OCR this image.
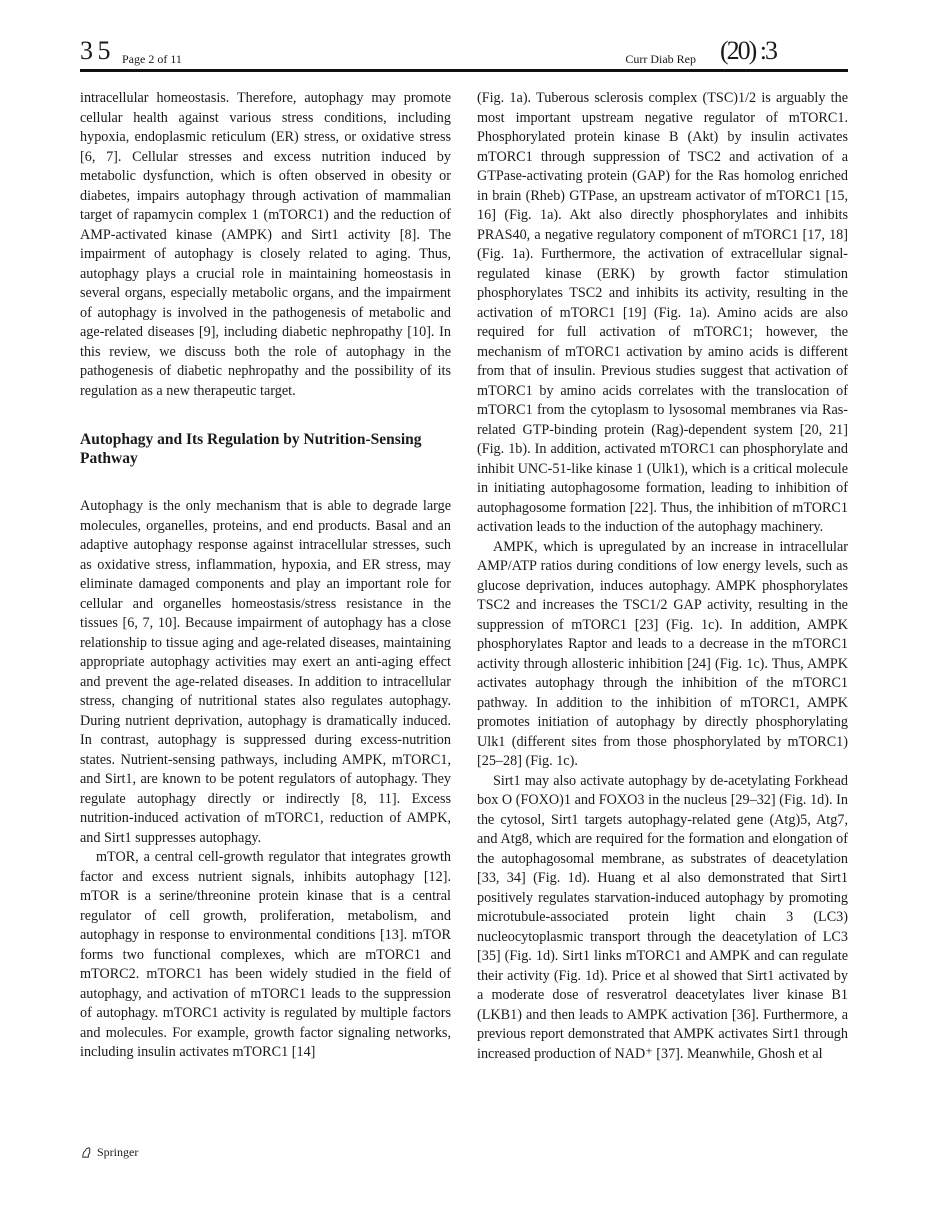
3 5 Page 2 of 11	Curr Diab Rep (20) :3

intracellular homeostasis. Therefore, autophagy may promote cellular health against various stress conditions, including hypoxia, endoplasmic reticulum (ER) stress, or oxidative stress [6, 7]. Cellular stresses and excess nutrition induced by metabolic dysfunction, which is often observed in obesity or diabetes, impairs autophagy through activation of mammalian target of rapamycin complex 1 (mTORC1) and the reduction of AMP-activated kinase (AMPK) and Sirt1 activity [8]. The impairment of autophagy is closely related to aging. Thus, autophagy plays a crucial role in maintaining homeostasis in several organs, especially metabolic organs, and the impairment of autophagy is involved in the pathogenesis of metabolic and age-related diseases [9], including diabetic nephropathy [10]. In this review, we discuss both the role of autophagy in the pathogenesis of diabetic nephropathy and the possibility of its regulation as a new therapeutic target.

Autophagy and Its Regulation by Nutrition-Sensing Pathway

Autophagy is the only mechanism that is able to degrade large molecules, organelles, proteins, and end products. Basal and an adaptive autophagy response against intracellular stresses, such as oxidative stress, inflammation, hypoxia, and ER stress, may eliminate damaged components and play an important role for cellular and organelles homeostasis/stress resistance in the tissues [6, 7, 10]. Because impairment of autophagy has a close relationship to tissue aging and age-related diseases, maintaining appropriate autophagy activities may exert an anti-aging effect and prevent the age-related diseases. In addition to intracellular stress, changing of nutritional states also regulates autophagy. During nutrient deprivation, autophagy is dramatically induced. In contrast, autophagy is suppressed during excess-nutrition states. Nutrient-sensing pathways, including AMPK, mTORC1, and Sirt1, are known to be potent regulators of autophagy. They regulate autophagy directly or indirectly [8, 11]. Excess nutrition-induced activation of mTORC1, reduction of AMPK, and Sirt1 suppresses autophagy.

mTOR, a central cell-growth regulator that integrates growth factor and excess nutrient signals, inhibits autophagy [12]. mTOR is a serine/threonine protein kinase that is a central regulator of cell growth, proliferation, metabolism, and autophagy in response to environmental conditions [13]. mTOR forms two functional complexes, which are mTORC1 and mTORC2. mTORC1 has been widely studied in the field of autophagy, and activation of mTORC1 leads to the suppression of autophagy. mTORC1 activity is regulated by multiple factors and molecules. For example, growth factor signaling networks, including insulin activates mTORC1 [14]

(Fig. 1a). Tuberous sclerosis complex (TSC)1/2 is arguably the most important upstream negative regulator of mTORC1. Phosphorylated protein kinase B (Akt) by insulin activates mTORC1 through suppression of TSC2 and activation of a GTPase-activating protein (GAP) for the Ras homolog enriched in brain (Rheb) GTPase, an upstream activator of mTORC1 [15, 16] (Fig. 1a). Akt also directly phosphorylates and inhibits PRAS40, a negative regulatory component of mTORC1 [17, 18] (Fig. 1a). Furthermore, the activation of extracellular signal-regulated kinase (ERK) by growth factor stimulation phosphorylates TSC2 and inhibits its activity, resulting in the activation of mTORC1 [19] (Fig. 1a). Amino acids are also required for full activation of mTORC1; however, the mechanism of mTORC1 activation by amino acids is different from that of insulin. Previous studies suggest that activation of mTORC1 by amino acids correlates with the translocation of mTORC1 from the cytoplasm to lysosomal membranes via Ras-related GTP-binding protein (Rag)-dependent system [20, 21] (Fig. 1b). In addition, activated mTORC1 can phosphorylate and inhibit UNC-51-like kinase 1 (Ulk1), which is a critical molecule in initiating autophagosome formation, leading to inhibition of autophagosome formation [22]. Thus, the inhibition of mTORC1 activation leads to the induction of the autophagy machinery.

AMPK, which is upregulated by an increase in intracellular AMP/ATP ratios during conditions of low energy levels, such as glucose deprivation, induces autophagy. AMPK phosphorylates TSC2 and increases the TSC1/2 GAP activity, resulting in the suppression of mTORC1 [23] (Fig. 1c). In addition, AMPK phosphorylates Raptor and leads to a decrease in the mTORC1 activity through allosteric inhibition [24] (Fig. 1c). Thus, AMPK activates autophagy through the inhibition of the mTORC1 pathway. In addition to the inhibition of mTORC1, AMPK promotes initiation of autophagy by directly phosphorylating Ulk1 (different sites from those phosphorylated by mTORC1) [25–28] (Fig. 1c).

Sirt1 may also activate autophagy by de-acetylating Forkhead box O (FOXO)1 and FOXO3 in the nucleus [29–32] (Fig. 1d). In the cytosol, Sirt1 targets autophagy-related gene (Atg)5, Atg7, and Atg8, which are required for the formation and elongation of the autophagosomal membrane, as substrates of deacetylation [33, 34] (Fig. 1d). Huang et al also demonstrated that Sirt1 positively regulates starvation-induced autophagy by promoting microtubule-associated protein light chain 3 (LC3) nucleocytoplasmic transport through the deacetylation of LC3 [35] (Fig. 1d). Sirt1 links mTORC1 and AMPK and can regulate their activity (Fig. 1d). Price et al showed that Sirt1 activated by a moderate dose of resveratrol deacetylates liver kinase B1 (LKB1) and then leads to AMPK activation [36]. Furthermore, a previous report demonstrated that AMPK activates Sirt1 through increased production of NAD⁺ [37]. Meanwhile, Ghosh et al

Springer
